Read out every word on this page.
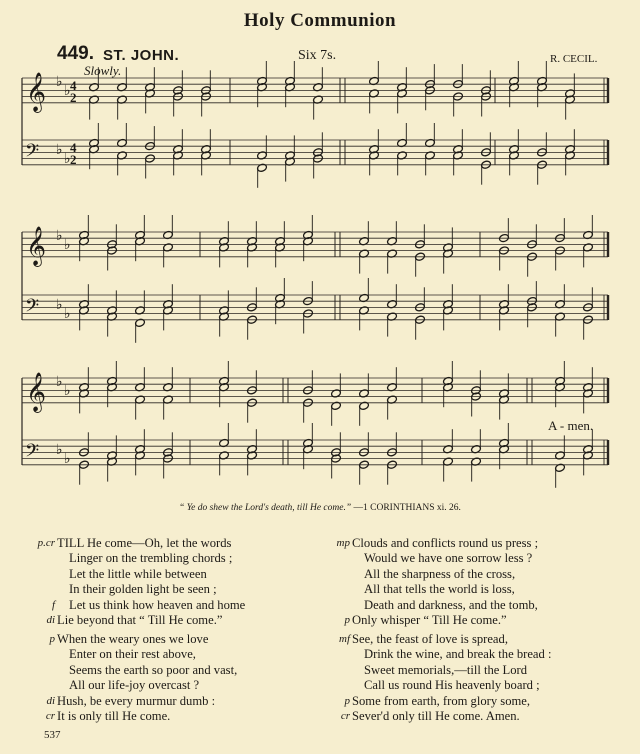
Holy Communion
449. ST. JOHN.	Six 7s.	R. CECIL.
Slowly.
𝄞
𝄢
♭
♭
♭
♭
4
2
4
2
𝄞
𝄢
♭
♭
♭
♭
𝄞
𝄢
♭
♭
♭
♭
A - men.
“ Ye do shew the Lord's death, till He come.” —1 CORINTHIANS xi. 26.
p.cr TILL He come—Oh, let the words
Linger on the trembling chords ;
Let the little while between
In their golden light be seen ;
f Let us think how heaven and home
di Lie beyond that “ Till He come.”
p When the weary ones we love
Enter on their rest above,
Seems the earth so poor and vast,
All our life-joy overcast ?
di Hush, be every murmur dumb :
cr It is only till He come.
mp Clouds and conflicts round us press ;
Would we have one sorrow less ?
All the sharpness of the cross,
All that tells the world is loss,
Death and darkness, and the tomb,
p Only whisper “ Till He come.”
mf See, the feast of love is spread,
Drink the wine, and break the bread :
Sweet memorials,—till the Lord
Call us round His heavenly board ;
p Some from earth, from glory some,
cr Sever'd only till He come. Amen.
537
